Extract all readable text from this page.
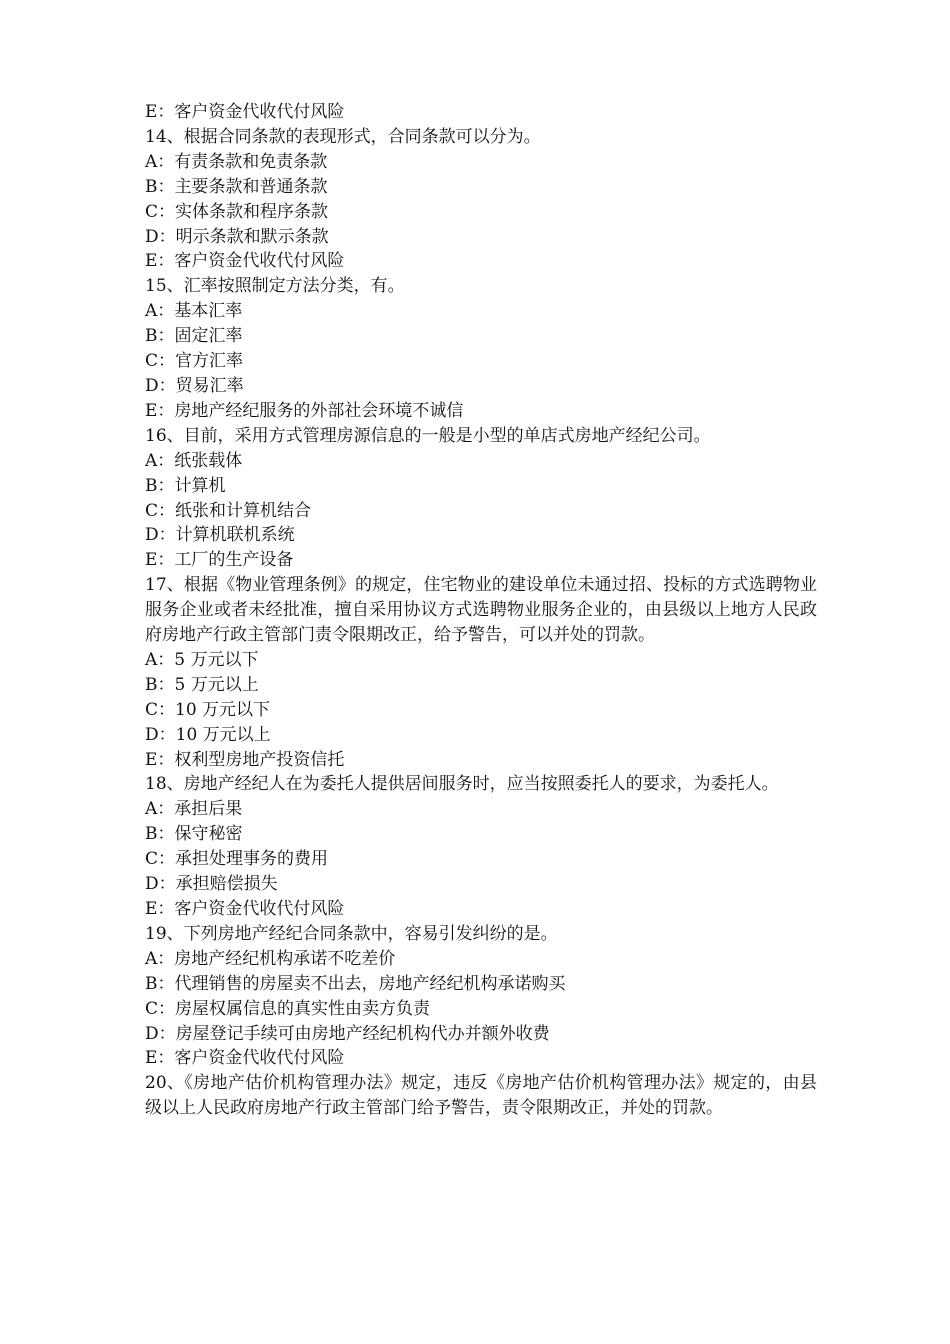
E：客户资金代收代付风险

14、根据合同条款的表现形式，合同条款可以分为。

A：有责条款和免责条款

B：主要条款和普通条款

C：实体条款和程序条款

D：明示条款和默示条款

E：客户资金代收代付风险

15、汇率按照制定方法分类，有。

A：基本汇率

B：固定汇率

C：官方汇率

D：贸易汇率

E：房地产经纪服务的外部社会环境不诚信

16、目前，采用方式管理房源信息的一般是小型的单店式房地产经纪公司。

A：纸张载体

B：计算机

C：纸张和计算机结合

D：计算机联机系统

E：工厂的生产设备

17、根据《物业管理条例》的规定，住宅物业的建设单位未通过招、投标的方式选聘物业服务企业或者未经批准，擅自采用协议方式选聘物业服务企业的，由县级以上地方人民政府房地产行政主管部门责令限期改正，给予警告，可以并处的罚款。

A：5 万元以下

B：5 万元以上

C：10 万元以下

D：10 万元以上

E：权利型房地产投资信托

18、房地产经纪人在为委托人提供居间服务时，应当按照委托人的要求，为委托人。

A：承担后果

B：保守秘密

C：承担处理事务的费用

D：承担赔偿损失

E：客户资金代收代付风险

19、下列房地产经纪合同条款中，容易引发纠纷的是。

A：房地产经纪机构承诺不吃差价

B：代理销售的房屋卖不出去，房地产经纪机构承诺购买

C：房屋权属信息的真实性由卖方负责

D：房屋登记手续可由房地产经纪机构代办并额外收费

E：客户资金代收代付风险

20、《房地产估价机构管理办法》规定，违反《房地产估价机构管理办法》规定的，由县级以上人民政府房地产行政主管部门给予警告，责令限期改正，并处的罚款。
